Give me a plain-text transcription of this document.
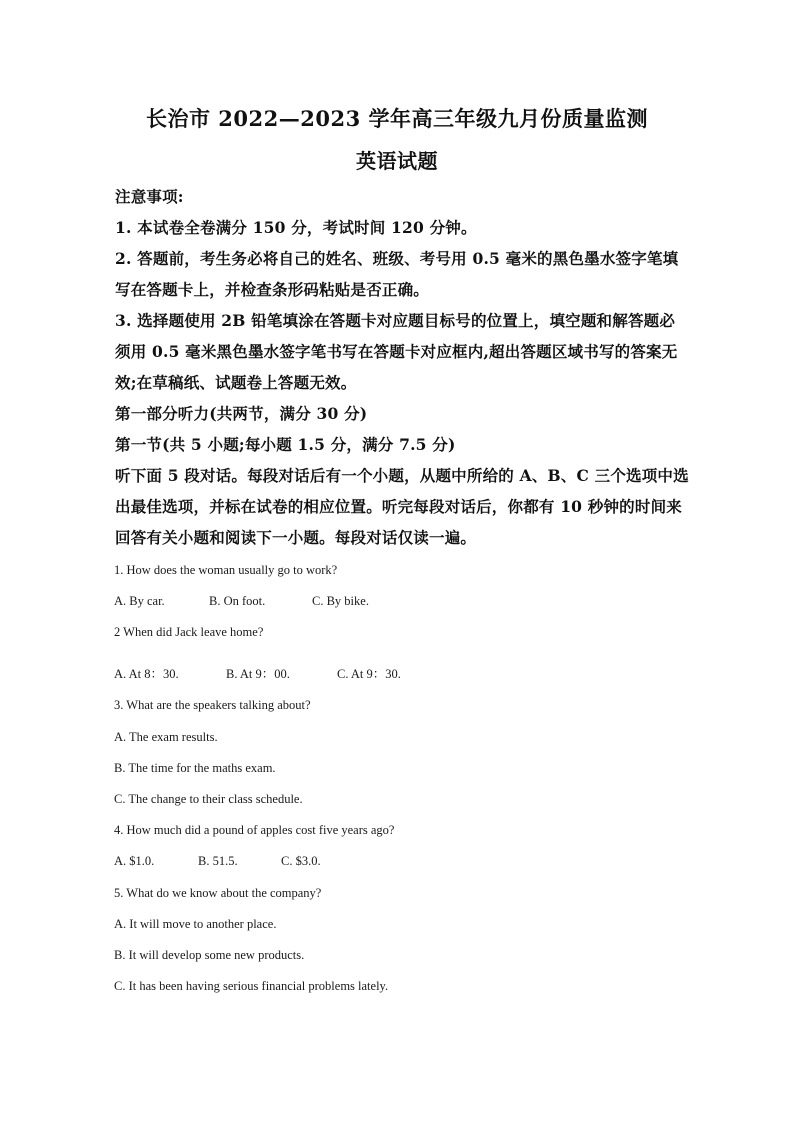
长治市 2022—2023 学年高三年级九月份质量监测
英语试题
注意事项:
1. 本试卷全卷满分 150 分，考试时间 120 分钟。
2. 答题前，考生务必将自己的姓名、班级、考号用 0.5 毫米的黑色墨水签字笔填
写在答题卡上，并检查条形码粘贴是否正确。
3. 选择题使用 2B 铅笔填涂在答题卡对应题目标号的位置上，填空题和解答题必
须用 0.5 毫米黑色墨水签字笔书写在答题卡对应框内,超出答题区域书写的答案无
效;在草稿纸、试题卷上答题无效。
第一部分听力(共两节，满分 30 分)
第一节(共 5 小题;每小题 1.5 分，满分 7.5 分)
听下面 5 段对话。每段对话后有一个小题，从题中所给的 A、B、C 三个选项中选
出最佳选项，并标在试卷的相应位置。听完每段对话后，你都有 10 秒钟的时间来
回答有关小题和阅读下一小题。每段对话仅读一遍。
1. How does the woman usually go to work?
A. By car.	B. On foot.	C. By bike.
2 When did Jack leave home?
A. At 8：30.	B. At 9：00.	C. At 9：30.
3. What are the speakers talking about?
A. The exam results.
B. The time for the maths exam.
C. The change to their class schedule.
4. How much did a pound of apples cost five years ago?
A. $1.0.	B. 51.5.	C. $3.0.
5. What do we know about the company?
A. It will move to another place.
B. It will develop some new products.
C. It has been having serious financial problems lately.
